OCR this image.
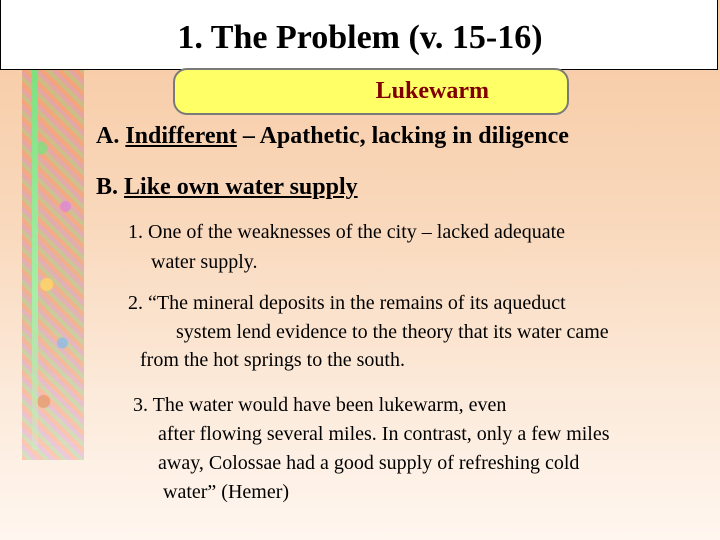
1. The Problem (v. 15-16)
Lukewarm
A. Indifferent – Apathetic, lacking in diligence
B. Like own water supply
1. One of the weaknesses of the city – lacked adequate
water supply.
2. “The mineral deposits in the remains of its aqueduct
system lend evidence to the theory that its water came
from the hot springs to the south.
3. The water would have been lukewarm, even
after flowing several miles. In contrast, only a few miles
away, Colossae had a good supply of refreshing cold
water” (Hemer)
